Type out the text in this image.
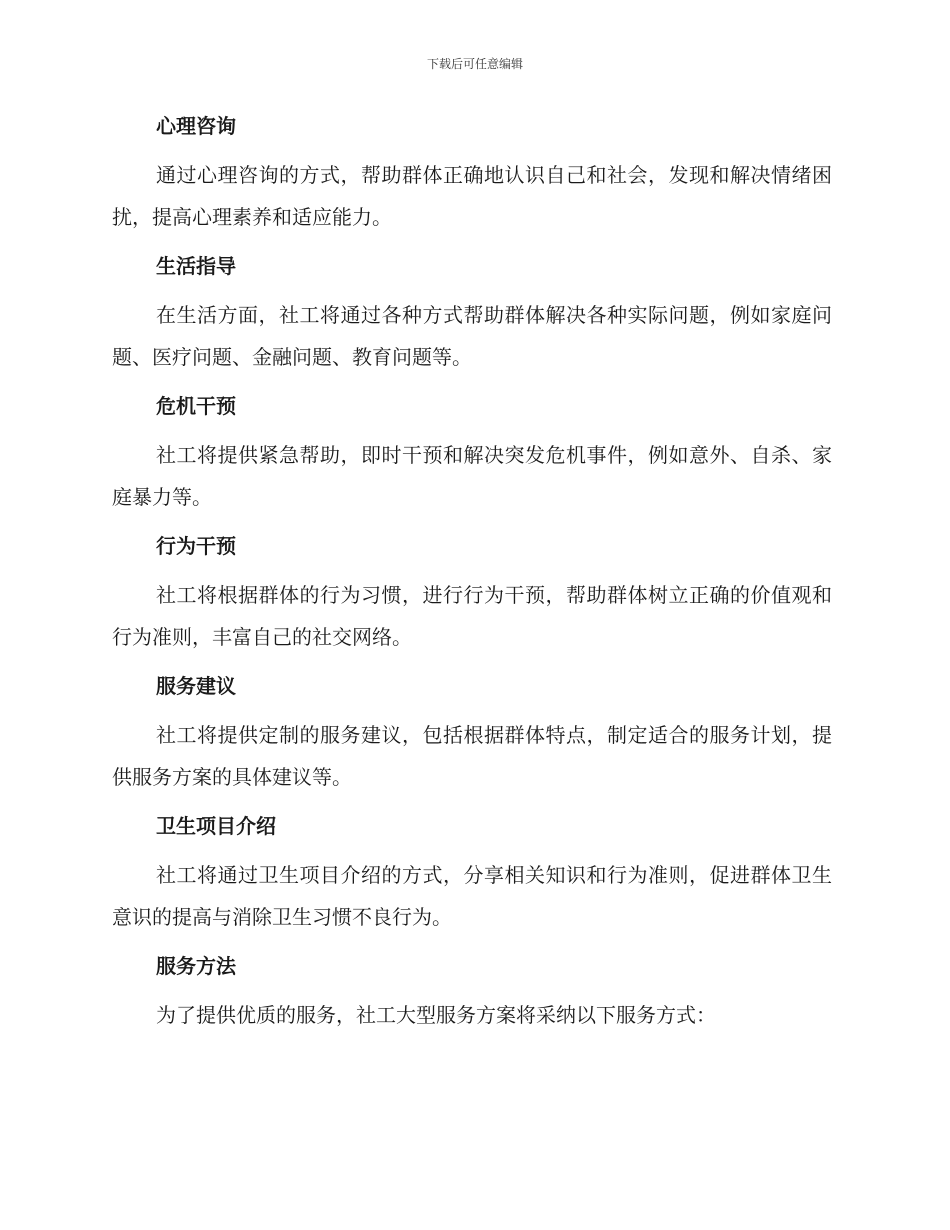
下载后可任意编辑
心理咨询

通过心理咨询的方式，帮助群体正确地认识自己和社会，发现和解决情绪困扰，提高心理素养和适应能力。

生活指导

在生活方面，社工将通过各种方式帮助群体解决各种实际问题，例如家庭问题、医疗问题、金融问题、教育问题等。

危机干预

社工将提供紧急帮助，即时干预和解决突发危机事件，例如意外、自杀、家庭暴力等。

行为干预

社工将根据群体的行为习惯，进行行为干预，帮助群体树立正确的价值观和行为准则，丰富自己的社交网络。

服务建议

社工将提供定制的服务建议，包括根据群体特点，制定适合的服务计划，提供服务方案的具体建议等。

卫生项目介绍

社工将通过卫生项目介绍的方式，分享相关知识和行为准则，促进群体卫生意识的提高与消除卫生习惯不良行为。

服务方法

为了提供优质的服务，社工大型服务方案将采纳以下服务方式：
